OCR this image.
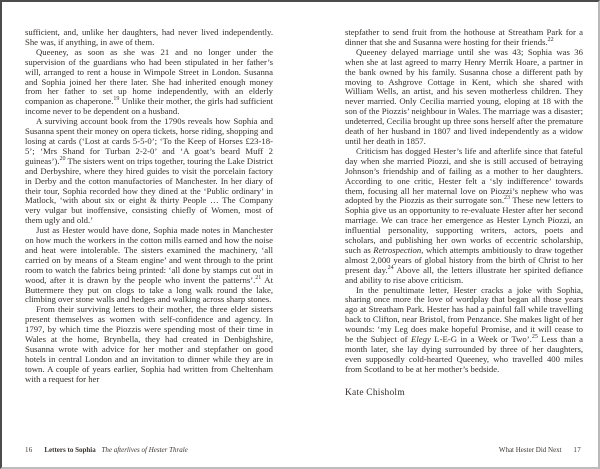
sufficient, and, unlike her daughters, had never lived independently. She was, if anything, in awe of them.

Queeney, as soon as she was 21 and no longer under the supervision of the guardians who had been stipulated in her father’s will, arranged to rent a house in Wimpole Street in London. Susanna and Sophia joined her there later. She had inherited enough money from her father to set up home independently, with an elderly companion as chaperone.$^{19}$ Unlike their mother, the girls had sufficient income never to be dependent on a husband.

A surviving account book from the 1790s reveals how Sophia and Susanna spent their money on opera tickets, horse riding, shopping and losing at cards (‘Lost at cards 5-5-0’; ‘To the Keep of Horses £23-18-5’; ‘Mrs Shand for Turban 2-2-0’ and ‘A goat’s beard Muff 2 guineas’).$^{20}$ The sisters went on trips together, touring the Lake District and Derbyshire, where they hired guides to visit the porcelain factory in Derby and the cotton manufactories of Manchester. In her diary of their tour, Sophia recorded how they dined at the ‘Public ordinary’ in Matlock, ‘with about six or eight & thirty People … The Company very vulgar but inoffensive, consisting chiefly of Women, most of them ugly and old.’

Just as Hester would have done, Sophia made notes in Manchester on how much the workers in the cotton mills earned and how the noise and heat were intolerable. The sisters examined the machinery, ‘all carried on by means of a Steam engine’ and went through to the print room to watch the fabrics being printed: ‘all done by stamps cut out in wood, after it is drawn by the people who invent the patterns’.$^{21}$ At Buttermere they put on clogs to take a long walk round the lake, climbing over stone walls and hedges and walking across sharp stones.

From their surviving letters to their mother, the three elder sisters present themselves as women with self-confidence and agency. In 1797, by which time the Piozzis were spending most of their time in Wales at the home, Brynbella, they had created in Denbighshire, Susanna wrote with advice for her mother and stepfather on good hotels in central London and an invitation to dinner while they are in town. A couple of years earlier, Sophia had written from Cheltenham with a request for her

16 Letters to Sophia The afterlives of Hester Thrale

stepfather to send fruit from the hothouse at Streatham Park for a dinner that she and Susanna were hosting for their friends.$^{22}$

Queeney delayed marriage until she was 43; Sophia was 36 when she at last agreed to marry Henry Merrik Hoare, a partner in the bank owned by his family. Susanna chose a different path by moving to Ashgrove Cottage in Kent, which she shared with William Wells, an artist, and his seven motherless children. They never married. Only Cecilia married young, eloping at 18 with the son of the Piozzis’ neighbour in Wales. The marriage was a disaster; undeterred, Cecilia brought up three sons herself after the premature death of her husband in 1807 and lived independently as a widow until her death in 1857.

Criticism has dogged Hester’s life and afterlife since that fateful day when she married Piozzi, and she is still accused of betraying Johnson’s friendship and of failing as a mother to her daughters. According to one critic, Hester felt a ‘sly indifference’ towards them, focusing all her maternal love on Piozzi’s nephew who was adopted by the Piozzis as their surrogate son.$^{23}$ These new letters to Sophia give us an opportunity to re-evaluate Hester after her second marriage. We can trace her emergence as Hester Lynch Piozzi, an influential personality, supporting writers, actors, poets and scholars, and publishing her own works of eccentric scholarship, such as Retrospection, which attempts ambitiously to draw together almost 2,000 years of global history from the birth of Christ to her present day.$^{24}$ Above all, the letters illustrate her spirited defiance and ability to rise above criticism.

In the penultimate letter, Hester cracks a joke with Sophia, sharing once more the love of wordplay that began all those years ago at Streatham Park. Hester has had a painful fall while travelling back to Clifton, near Bristol, from Penzance. She makes light of her wounds: ‘my Leg does make hopeful Promise, and it will cease to be the Subject of Elegy L-E-G in a Week or Two’.$^{25}$ Less than a month later, she lay dying surrounded by three of her daughters, even supposedly cold-hearted Queeney, who travelled 400 miles from Scotland to be at her mother’s bedside.

Kate Chisholm
What Hester Did Next 17
